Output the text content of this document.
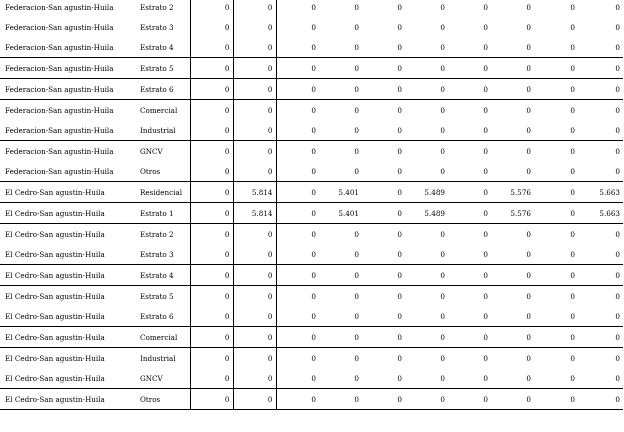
Federacion-San agustin-Huila	Estrato 2	0	0	0	0	0	0	0	0	0	0
Federacion-San agustin-Huila	Estrato 3	0	0	0	0	0	0	0	0	0	0
Federacion-San agustin-Huila	Estrato 4	0	0	0	0	0	0	0	0	0	0
Federacion-San agustin-Huila	Estrato 5	0	0	0	0	0	0	0	0	0	0
Federacion-San agustin-Huila	Estrato 6	0	0	0	0	0	0	0	0	0	0
Federacion-San agustin-Huila	Comercial	0	0	0	0	0	0	0	0	0	0
Federacion-San agustin-Huila	Industrial	0	0	0	0	0	0	0	0	0	0
Federacion-San agustin-Huila	GNCV	0	0	0	0	0	0	0	0	0	0
Federacion-San agustin-Huila	Otros	0	0	0	0	0	0	0	0	0	0
El Cedro-San agustin-Huila	Residencial	0	5.814	0	5.401	0	5.489	0	5.576	0	5.663
El Cedro-San agustin-Huila	Estrato 1	0	5.814	0	5.401	0	5.489	0	5.576	0	5.663
El Cedro-San agustin-Huila	Estrato 2	0	0	0	0	0	0	0	0	0	0
El Cedro-San agustin-Huila	Estrato 3	0	0	0	0	0	0	0	0	0	0
El Cedro-San agustin-Huila	Estrato 4	0	0	0	0	0	0	0	0	0	0
El Cedro-San agustin-Huila	Estrato 5	0	0	0	0	0	0	0	0	0	0
El Cedro-San agustin-Huila	Estrato 6	0	0	0	0	0	0	0	0	0	0
El Cedro-San agustin-Huila	Comercial	0	0	0	0	0	0	0	0	0	0
El Cedro-San agustin-Huila	Industrial	0	0	0	0	0	0	0	0	0	0
El Cedro-San agustin-Huila	GNCV	0	0	0	0	0	0	0	0	0	0
El Cedro-San agustin-Huila	Otros	0	0	0	0	0	0	0	0	0	0
